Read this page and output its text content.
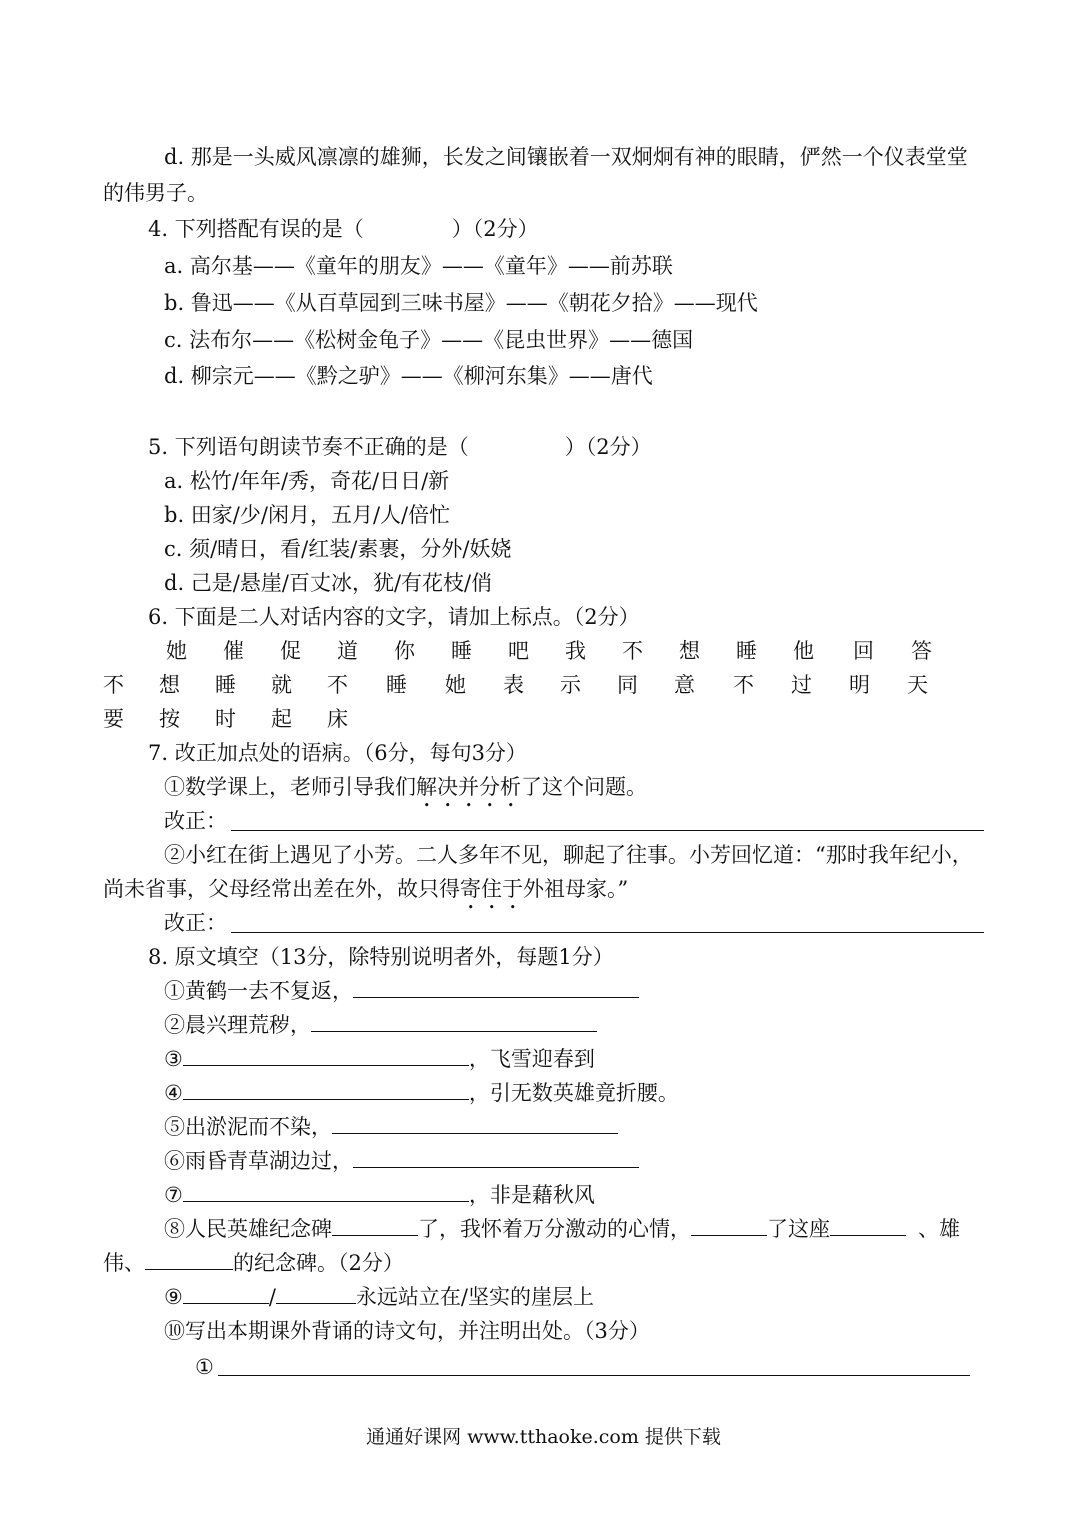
d. 那是一头威风凛凛的雄狮，长发之间镶嵌着一双炯炯有神的眼睛，俨然一个仪表堂堂
的伟男子。
4. 下列搭配有误的是（	）（2分）
a. 高尔基——《童年的朋友》——《童年》——前苏联
b. 鲁迅——《从百草园到三味书屋》——《朝花夕拾》——现代
c. 法布尔——《松树金龟子》——《昆虫世界》——德国
d. 柳宗元——《黔之驴》——《柳河东集》——唐代
5. 下列语句朗读节奏不正确的是（	）（2分）
a. 松竹/年年/秀，奇花/日日/新
b. 田家/少/闲月，五月/人/倍忙
c. 须/晴日，看/红装/素裹，分外/妖娆
d. 己是/悬崖/百丈冰，犹/有花枝/俏
6. 下面是二人对话内容的文字，请加上标点。（2分）
她 催 促 道 你 睡 吧 我 不 想 睡 他 回 答
不 想 睡 就 不 睡 她 表 示 同 意 不 过 明 天
要 按 时 起 床
7. 改正加点处的语病。（6分，每句3分）
①数学课上，老师引导我们解决并分析了这个问题。
改正：
②小红在街上遇见了小芳。二人多年不见，聊起了往事。小芳回忆道：“那时我年纪小，
尚未省事，父母经常出差在外，故只得寄住于外祖母家。”
改正：
8. 原文填空（13分，除特别说明者外，每题1分）
①黄鹤一去不复返，
②晨兴理荒秽，
③	，飞雪迎春到
④	，引无数英雄竟折腰。
⑤出淤泥而不染，
⑥雨昏青草湖边过，
⑦	，非是藉秋风
⑧人民英雄纪念碑	了，我怀着万分激动的心情，	了这座	、雄
伟、	的纪念碑。（2分）
⑨	/	永远站立在/坚实的崖层上
⑩写出本期课外背诵的诗文句，并注明出处。（3分）
①
通通好课网 www.tthaoke.com 提供下载
